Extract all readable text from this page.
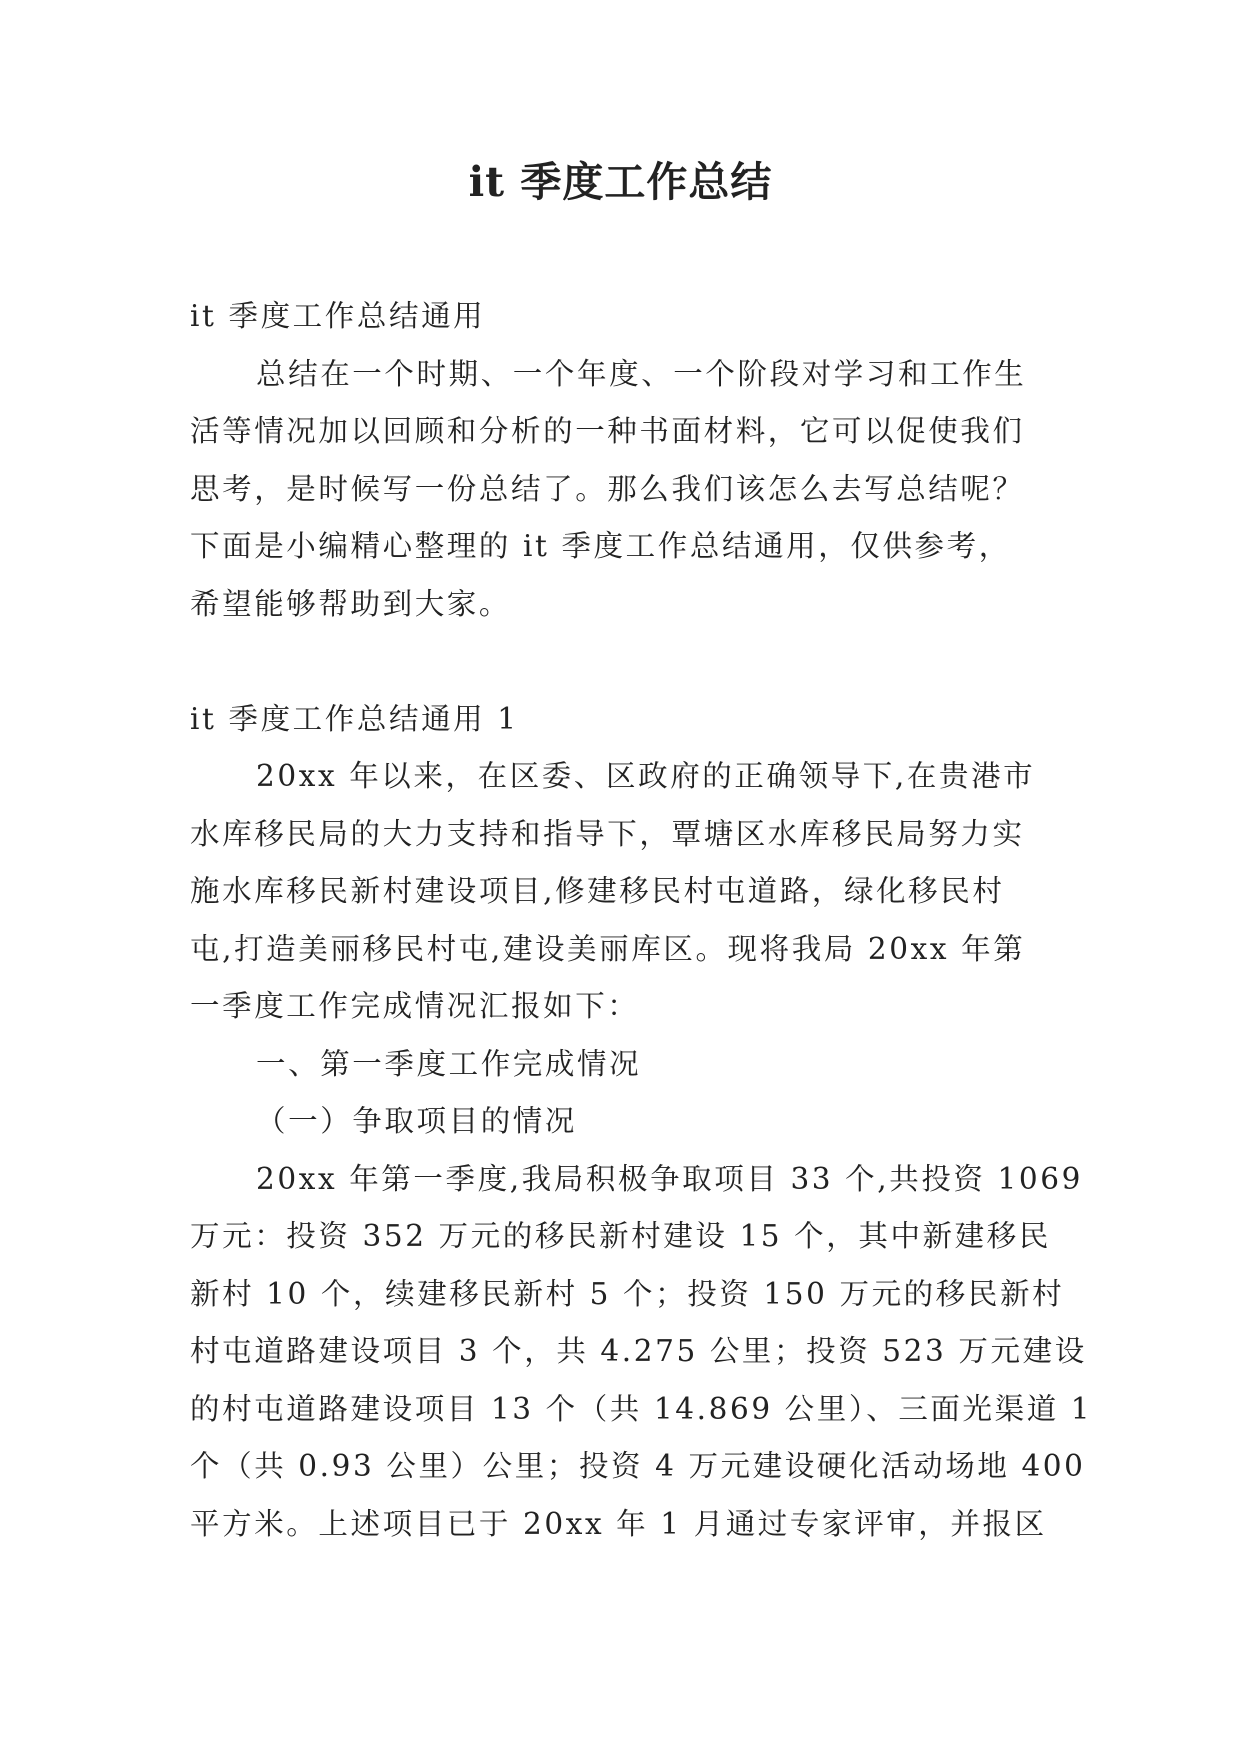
it 季度工作总结
it 季度工作总结通用
总结在一个时期、一个年度、一个阶段对学习和工作生
活等情况加以回顾和分析的一种书面材料，它可以促使我们
思考，是时候写一份总结了。那么我们该怎么去写总结呢？
下面是小编精心整理的 it 季度工作总结通用，仅供参考，
希望能够帮助到大家。
it 季度工作总结通用 1
20xx 年以来，在区委、区政府的正确领导下,在贵港市
水库移民局的大力支持和指导下，覃塘区水库移民局努力实
施水库移民新村建设项目,修建移民村屯道路，绿化移民村
屯,打造美丽移民村屯,建设美丽库区。现将我局 20xx 年第
一季度工作完成情况汇报如下：
一、第一季度工作完成情况
（一）争取项目的情况
20xx 年第一季度,我局积极争取项目 33 个,共投资 1069
万元：投资 352 万元的移民新村建设 15 个，其中新建移民
新村 10 个，续建移民新村 5 个；投资 150 万元的移民新村
村屯道路建设项目 3 个，共 4.275 公里；投资 523 万元建设
的村屯道路建设项目 13 个（共 14.869 公里）、三面光渠道 1
个（共 0.93 公里）公里；投资 4 万元建设硬化活动场地 400
平方米。上述项目已于 20xx 年 1 月通过专家评审，并报区
